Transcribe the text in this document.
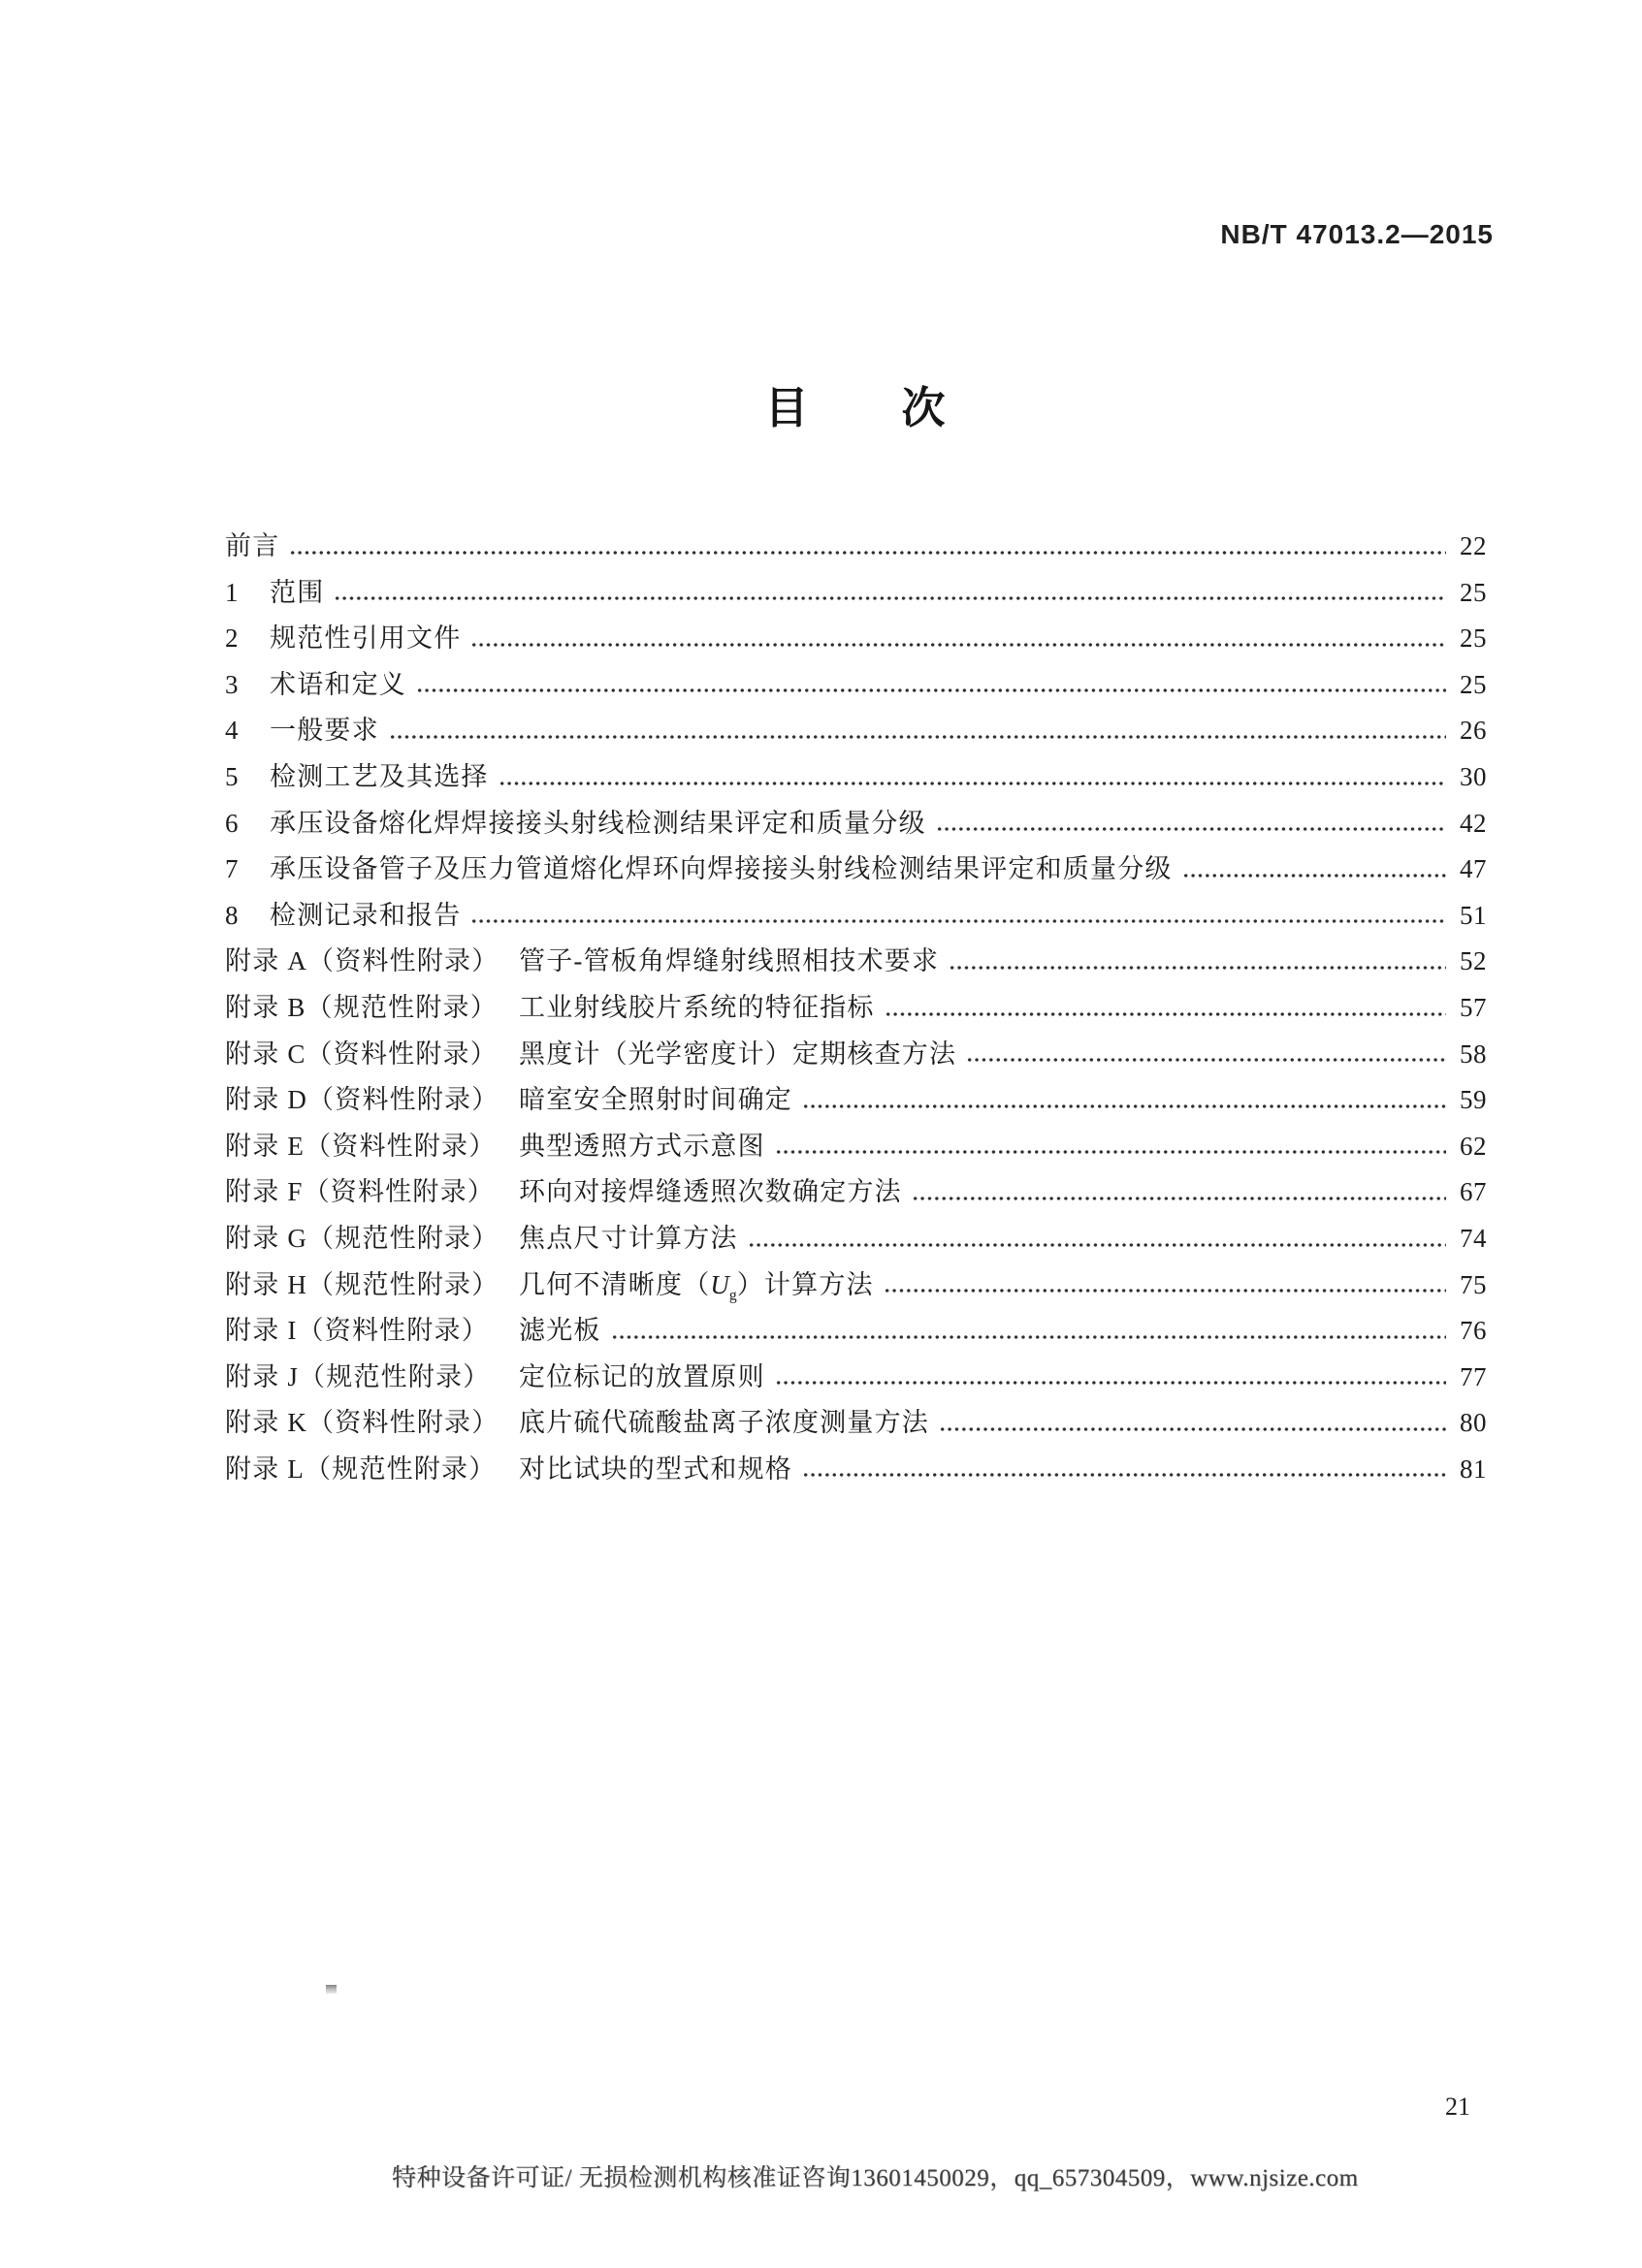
NB/T 47013.2—2015
目　　次
前言	22
1	范围	25
2	规范性引用文件	25
3	术语和定义	25
4	一般要求	26
5	检测工艺及其选择	30
6	承压设备熔化焊焊接接头射线检测结果评定和质量分级	42
7	承压设备管子及压力管道熔化焊环向焊接接头射线检测结果评定和质量分级	47
8	检测记录和报告	51
附录 A（资料性附录） 管子-管板角焊缝射线照相技术要求	52
附录 B（规范性附录） 工业射线胶片系统的特征指标	57
附录 C（资料性附录） 黑度计（光学密度计）定期核查方法	58
附录 D（资料性附录） 暗室安全照射时间确定	59
附录 E（资料性附录） 典型透照方式示意图	62
附录 F（资料性附录） 环向对接焊缝透照次数确定方法	67
附录 G（规范性附录） 焦点尺寸计算方法	74
附录 H（规范性附录） 几何不清晰度$(U_g)$计算方法	75
附录 I（资料性附录）	滤光板	76
附录 J（规范性附录）	定位标记的放置原则	77
附录 K（资料性附录） 底片硫代硫酸盐离子浓度测量方法	80
附录 L（规范性附录） 对比试块的型式和规格	81
21
特种设备许可证/ 无损检测机构核准证咨询13601450029，qq_657304509，www.njsize.com
